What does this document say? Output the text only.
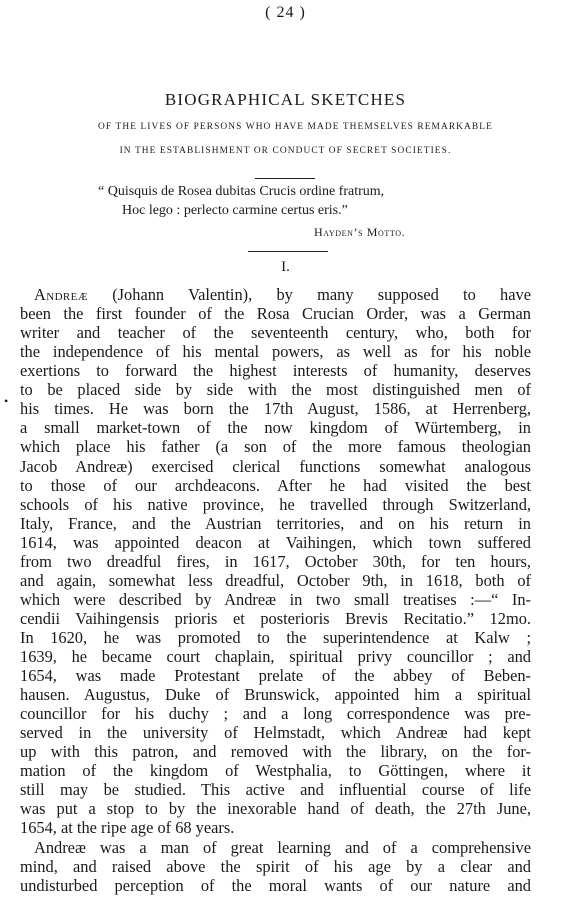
( 24 )
BIOGRAPHICAL SKETCHES
OF THE LIVES OF PERSONS WHO HAVE MADE THEMSELVES REMARKABLE
IN THE ESTABLISHMENT OR CONDUCT OF SECRET SOCIETIES.
“ Quisquis de Rosea dubitas Crucis ordine fratrum,
Hoc lego : perlecto carmine certus eris.”
Hayden’s Motto.
I.
•
Andreæ (Johann Valentin), by many supposed to have
been the first founder of the Rosa Crucian Order, was a German
writer and teacher of the seventeenth century, who, both for
the independence of his mental powers, as well as for his noble
exertions to forward the highest interests of humanity, deserves
to be placed side by side with the most distinguished men of
his times. He was born the 17th August, 1586, at Herrenberg,
a small market-town of the now kingdom of Würtemberg, in
which place his father (a son of the more famous theologian
Jacob Andreæ) exercised clerical functions somewhat analogous
to those of our archdeacons. After he had visited the best
schools of his native province, he travelled through Switzerland,
Italy, France, and the Austrian territories, and on his return in
1614, was appointed deacon at Vaihingen, which town suffered
from two dreadful fires, in 1617, October 30th, for ten hours,
and again, somewhat less dreadful, October 9th, in 1618, both of
which were described by Andreæ in two small treatises :—“ In-
cendii Vaihingensis prioris et posterioris Brevis Recitatio.” 12mo.
In 1620, he was promoted to the superintendence at Kalw ;
1639, he became court chaplain, spiritual privy councillor ; and
1654, was made Protestant prelate of the abbey of Beben-
hausen. Augustus, Duke of Brunswick, appointed him a spiritual
councillor for his duchy ; and a long correspondence was pre-
served in the university of Helmstadt, which Andreæ had kept
up with this patron, and removed with the library, on the for-
mation of the kingdom of Westphalia, to Göttingen, where it
still may be studied. This active and influential course of life
was put a stop to by the inexorable hand of death, the 27th June,
1654, at the ripe age of 68 years.
Andreæ was a man of great learning and of a comprehensive
mind, and raised above the spirit of his age by a clear and
undisturbed perception of the moral wants of our nature and
